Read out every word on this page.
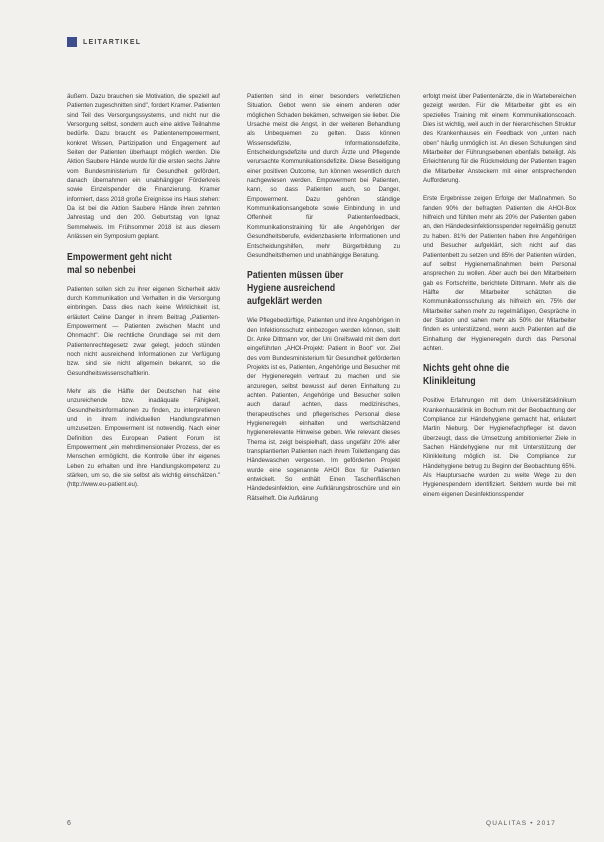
LEITARTIKEL

äußern. Dazu brauchen sie Motivation, die speziell auf Patienten zugeschnitten sind", fordert Kramer. Patienten sind Teil des Versorgungssystems, und nicht nur die Versorgung selbst, sondern auch eine aktive Teilnahme bedürfe. Dazu braucht es Patientenempowerment, konkret Wissen, Partizipation und Engagement auf Seiten der Patienten überhaupt möglich werden. Die Aktion Saubere Hände wurde für die ersten sechs Jahre vom Bundesministerium für Gesundheit gefördert, danach übernahmen ein unabhängiger Förderkreis sowie Einzelspender die Finanzierung. Kramer informiert, dass 2018 große Ereignisse ins Haus stehen: Da ist bei die Aktion Saubere Hände ihren zehnten Jahrestag und den 200. Geburtstag von Ignaz Semmelweis. Im Frühsommer 2018 ist aus diesem Anlässen ein Symposium geplant.

Empowerment geht nicht mal so nebenbei

Patienten sollen sich zu ihrer eigenen Sicherheit aktiv durch Kommunikation und Verhalten in die Versorgung einbringen. Dass dies nach keine Wirklichkeit ist, erläutert Celine Danger in ihrem Beitrag „Patienten-Empowerment — Patienten zwischen Macht und Ohnmacht". Die rechtliche Grundlage sei mit dem Patientenrechtegesetz zwar gelegt, jedoch stünden noch nicht ausreichend Informationen zur Verfügung bzw. sind sie nicht allgemein bekannt, so die Gesundheitswissenschaftlerin.

Mehr als die Hälfte der Deutschen hat eine unzureichende bzw. inadäquate Fähigkeit, Gesundheitsinformationen zu finden, zu interpretieren und in ihrem individuellen Handlungsrahmen umzusetzen. Empowerment ist notwendig. Nach einer Definition des European Patient Forum ist Empowerment „ein mehrdimensionaler Prozess, der es Menschen ermöglicht, die Kontrolle über ihr eigenes Leben zu erhalten und ihre Handlungskompetenz zu stärken, um so, die sie selbst als wichtig einschätzen." (http://www.eu-patient.eu).

Patienten sind in einer besonders verletzlichen Situation. Gebot wenn sie einem anderen oder möglichen Schaden bekämen, schweigen sie lieber. Die Ursache meist die Angst, in der weiteren Behandlung als Unbequemen zu gelten. Dass können Wissensdefizite, Informationsdefizite, Entscheidungsdefizite und durch Ärzte und Pflegende verursachte Kommunikationsdefizite. Diese Beseitigung einer positiven Outcome, tun können wesentlich durch nachgewiesen werden. Empowerment bei Patienten, kann, so dass Patienten auch, so Danger, Empowerment. Dazu gehören ständige Kommunikationsangebote sowie Einbindung in und Offenheit für Patientenfeedback, Kommunikationstraining für alle Angehörigen der Gesundheitsberufe, evidenzbasierte Informationen und Entscheidungshilfen, mehr Bürgerbildung zu Gesundheitsthemen und unabhängige Beratung.

Patienten müssen über Hygiene ausreichend aufgeklärt werden

Wie Pflegebedürftige, Patienten und ihre Angehörigen in den Infektionsschutz einbezogen werden können, stellt Dr. Anke Dittmann vor, der Uni Greifswald mit dem dort eingeführten „AHOI-Projekt: Patient in Boot" vor. Ziel des vom Bundesministerium für Gesundheit geförderten Projekts ist es, Patienten, Angehörige und Besucher mit der Hygieneregeln vertraut zu machen und sie anzuregen, selbst bewusst auf deren Einhaltung zu achten. Patienten, Angehörige und Besucher sollen auch darauf achten, dass medizinisches, therapeutisches und pflegerisches Personal diese Hygieneregeln einhalten und wertschätzend hygienerelevante Hinweise geben. Wie relevant dieses Thema ist, zeigt beispielhaft, dass ungefähr 20% aller transplantierten Patienten nach ihrem Toilettengang das Händewaschen vergessen. Im geförderten Projekt wurde eine sogenannte AHOI Box für Patienten entwickelt. So enthält Einen Taschenfläschen Händedesinfektion, eine Aufklärungsbroschüre und ein Rätselheft. Die Aufklärung

erfolgt meist über Patientenärzte, die in Wartebereichen gezeigt werden. Für die Mitarbeiter gibt es ein spezielles Training mit einem Kommunikationscoach. Dies ist wichtig, weil auch in der hierarchischen Struktur des Krankenhauses ein Feedback von „unten nach oben" häufig unmöglich ist. An diesen Schulungen sind Mitarbeiter der Führungsebenen ebenfalls beteiligt. Als Erleichterung für die Rückmeldung der Patienten tragen die Mitarbeiter Ansteckern mit einer entsprechenden Aufforderung.

Erste Ergebnisse zeigen Erfolge der Maßnahmen. So fanden 90% der befragten Patienten die AHOI-Box hilfreich und fühlten mehr als 20% der Patienten gaben an, den Händedesinfektionsspender regelmäßig genutzt zu haben. 81% der Patienten haben ihre Angehörigen und Besucher aufgeklärt, sich nicht auf das Patientenbett zu setzen und 85% der Patienten würden, auf selbst Hygienemaßnahmen beim Personal ansprechen zu wollen. Aber auch bei den Mitarbeitern gab es Fortschritte, berichtete Dittmann. Mehr als die Hälfte der Mitarbeiter schätzten die Kommunikationsschulung als hilfreich ein. 75% der Mitarbeiter sahen mehr zu regelmäßigen, Gespräche in der Station und sahen mehr als 50% der Mitarbeiter finden es unterstützend, wenn auch Patienten auf die Einhaltung der Hygieneregeln durch das Personal achten.

Nichts geht ohne die Klinikleitung

Positive Erfahrungen mit dem Universitätsklinikum Krankenhausklinik im Bochum mit der Beobachtung der Compliance zur Händehygiene gemacht hat, erläutert Martin Nieburg. Der Hygienefachpfleger ist davon überzeugt, dass die Umsetzung ambitionierter Ziele in Sachen Händehygiene nur mit Unterstützung der Klinikleitung möglich ist. Die Compliance zur Händehygiene betrug zu Beginn der Beobachtung 65%. Als Hauptursache wurden zu weite Wege zu den Hygienespendern identifiziert. Seitdem wurde bei mit einem eigenen Desinfektionsspender

6	QUALITAS • 2017
